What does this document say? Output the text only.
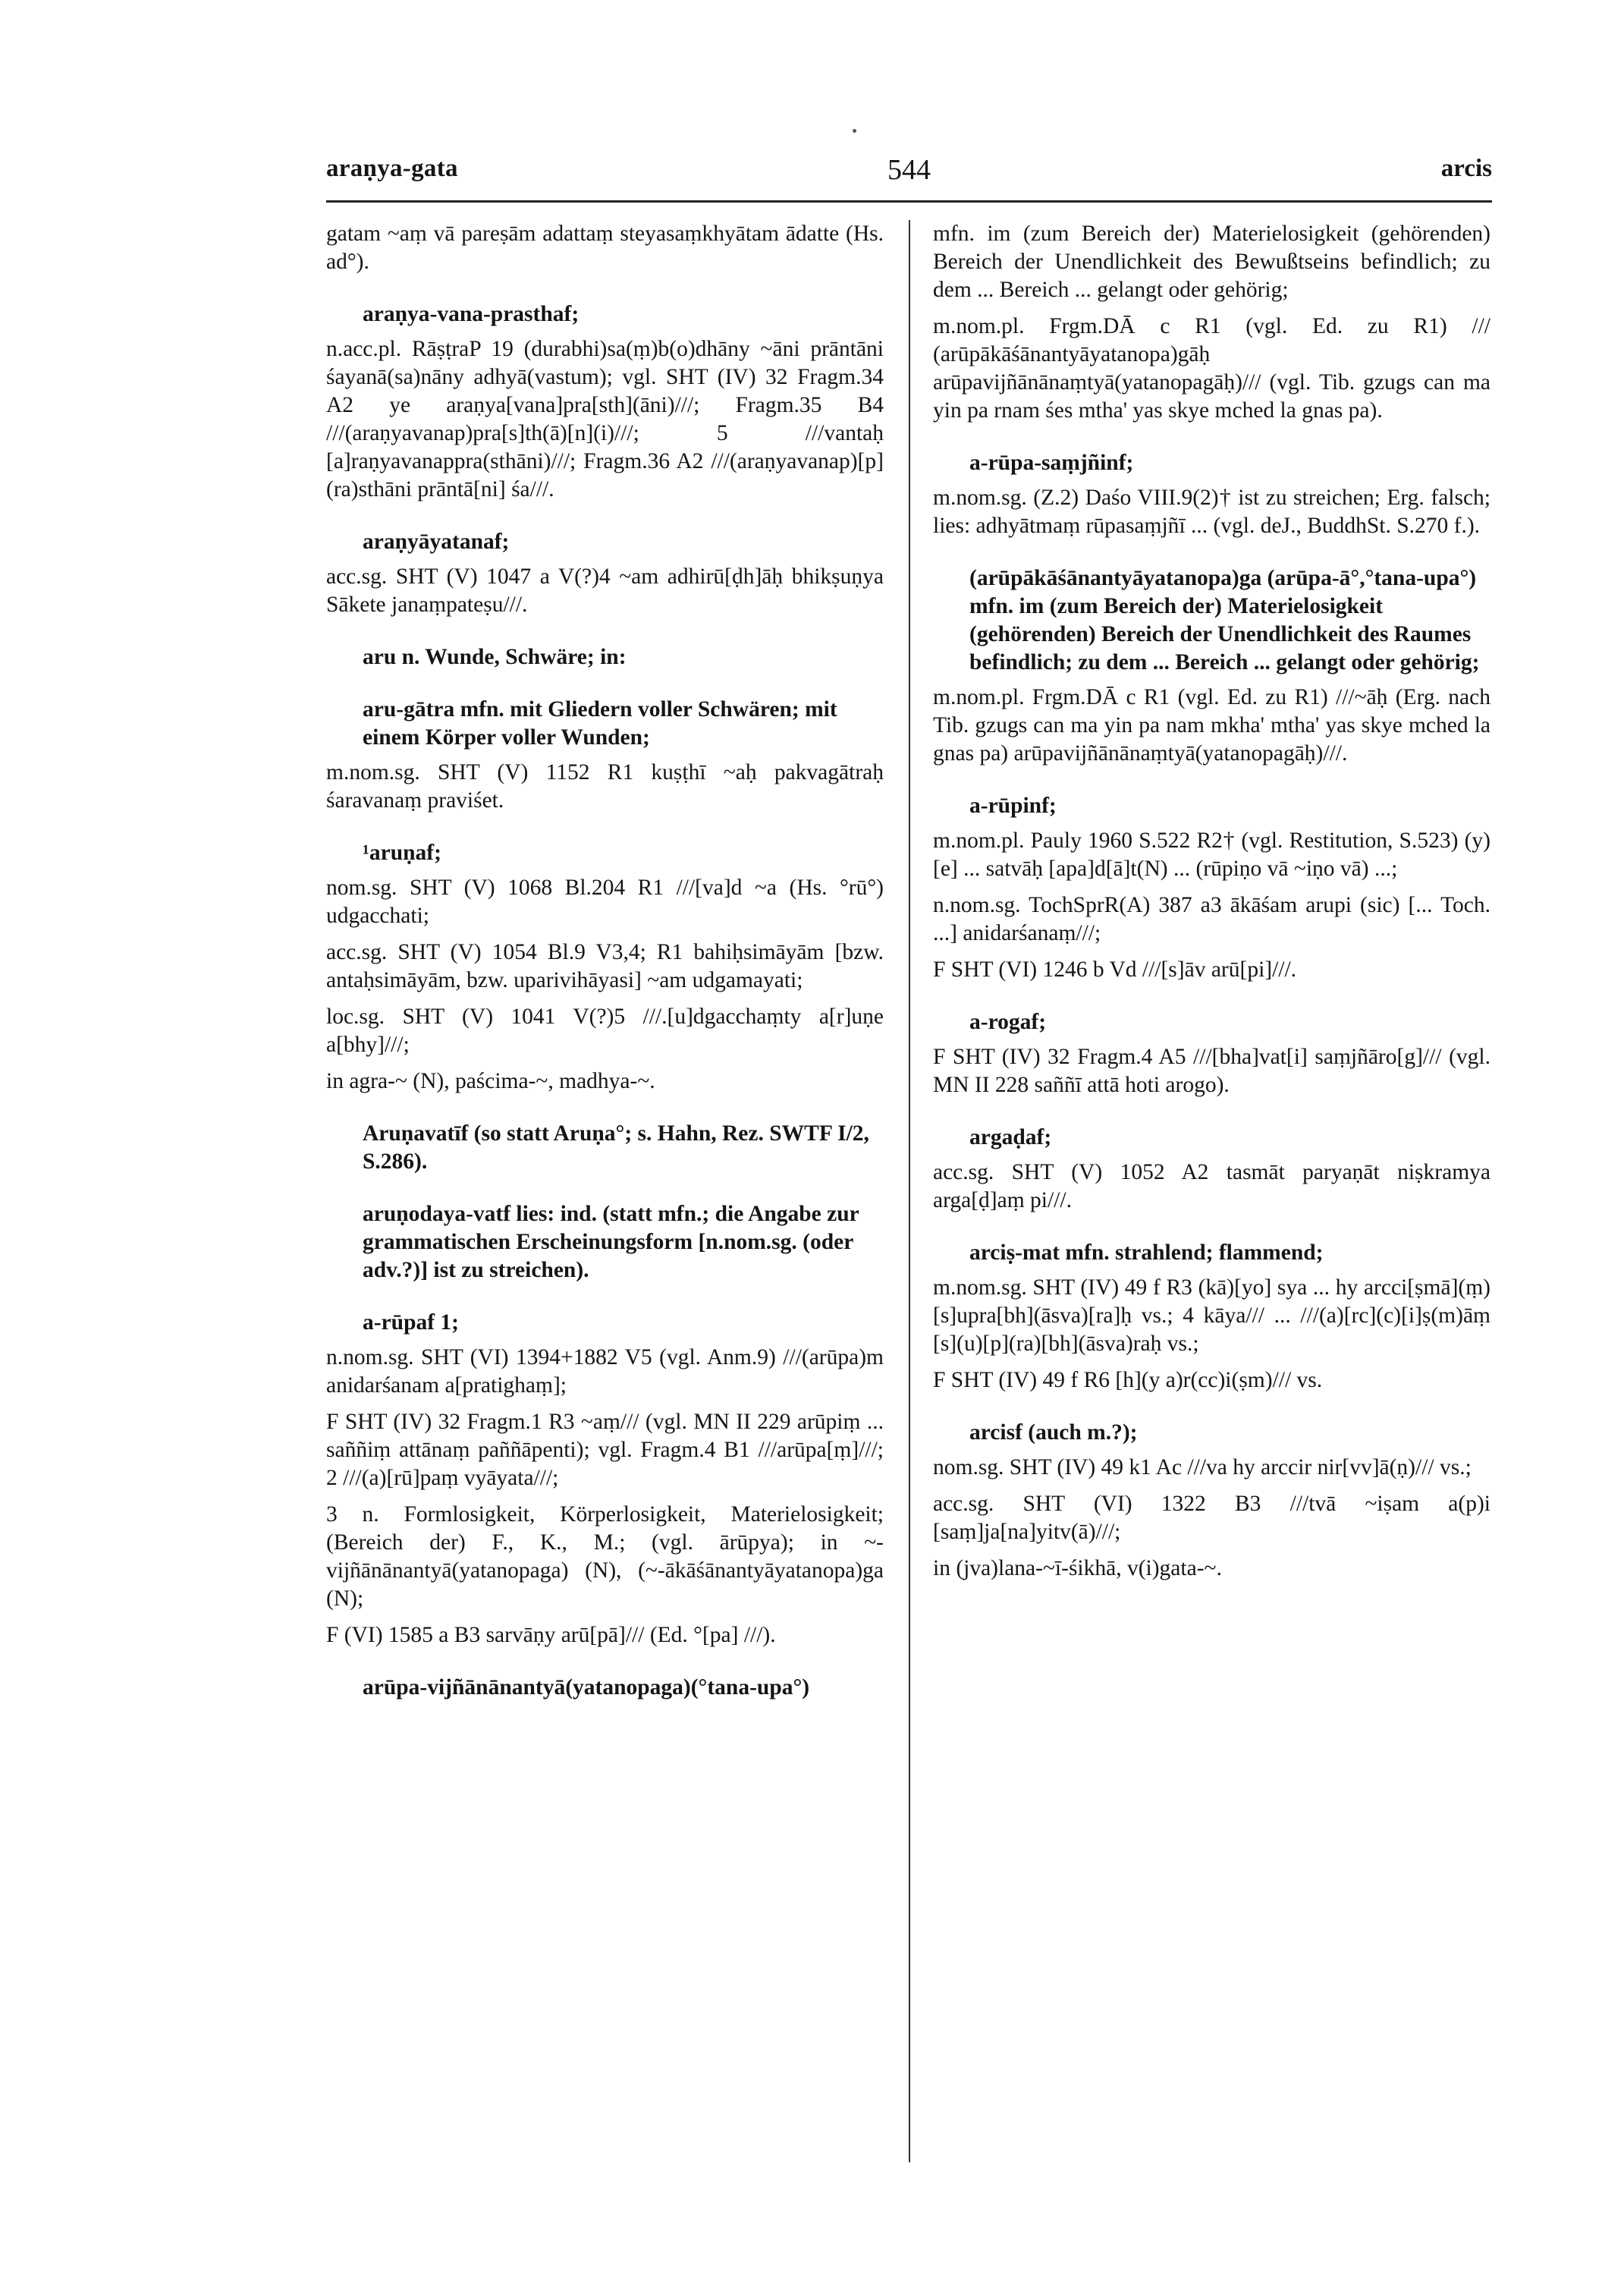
araṇya-gata	544	arcis

gatam ~aṃ vā pareṣām adattaṃ steyasaṃkhyātam ādatte (Hs. ad°).

araṇya-vana-prasthaf;

n.acc.pl. RāṣṭraP 19 (durabhi)sa(ṃ)b(o)dhāny ~āni prāntāni śayanā(sa)nāny adhyā(vastum); vgl. SHT (IV) 32 Fragm.34 A2 ye araṇya[vana]pra[sth](āni)///; Fragm.35 B4 ///(araṇyavanap)pra[s]th(ā)[n](i)///; 5 ///vantaḥ [a]raṇyavanappra(sthāni)///; Fragm.36 A2 ///(araṇyavanap)[p](ra)sthāni prāntā[ni] śa///.

araṇyāyatanaf;

acc.sg. SHT (V) 1047 a V(?)4 ~am adhirū[ḍh]āḥ bhikṣuṇya Sākete janaṃpateṣu///.

aru n. Wunde, Schwäre; in:

aru-gātra mfn. mit Gliedern voller Schwären; mit einem Körper voller Wunden;

m.nom.sg. SHT (V) 1152 R1 kuṣṭhī ~aḥ pakvagātraḥ śaravanaṃ praviśet.

¹aruṇaf;

nom.sg. SHT (V) 1068 Bl.204 R1 ///[va]d ~a (Hs. °rū°) udgacchati;

acc.sg. SHT (V) 1054 Bl.9 V3,4; R1 bahiḥsimāyām [bzw. antaḥsimāyām, bzw. uparivihāyasi] ~am udgamayati;

loc.sg. SHT (V) 1041 V(?)5 ///.[u]dgacchaṃty a[r]uṇe a[bhy]///;

in agra-~ (N), paścima-~, madhya-~.

Aruṇavatīf (so statt Aruṇa°; s. Hahn, Rez. SWTF I/2, S.286).

aruṇodaya-vatf lies: ind. (statt mfn.; die Angabe zur grammatischen Erscheinungsform [n.nom.sg. (oder adv.?)] ist zu streichen).

a-rūpaf 1;

n.nom.sg. SHT (VI) 1394+1882 V5 (vgl. Anm.9) ///(arūpa)m anidarśanam a[pratighaṃ];

F SHT (IV) 32 Fragm.1 R3 ~aṃ/// (vgl. MN II 229 arūpiṃ ... saññiṃ attānaṃ paññāpenti); vgl. Fragm.4 B1 ///arūpa[ṃ]///; 2 ///(a)[rū]paṃ vyāyata///;

3 n. Formlosigkeit, Körperlosigkeit, Materielosigkeit; (Bereich der) F., K., M.; (vgl. ārūpya); in ~-vijñānānantyā(yatanopaga) (N), (~-ākāśānantyāyatanopa)ga (N);

F (VI) 1585 a B3 sarvāṇy arū[pā]/// (Ed. °[pa] ///).

arūpa-vijñānānantyā(yatanopaga)(°tana-upa°)

mfn. im (zum Bereich der) Materielosigkeit (gehörenden) Bereich der Unendlichkeit des Bewußtseins befindlich; zu dem ... Bereich ... gelangt oder gehörig;

m.nom.pl. Frgm.DĀ c R1 (vgl. Ed. zu R1) /// (arūpākāśānantyāyatanopa)gāḥ arūpavijñānānaṃtyā(yatanopagāḥ)/// (vgl. Tib. gzugs can ma yin pa rnam śes mtha' yas skye mched la gnas pa).

a-rūpa-saṃjñinf;

m.nom.sg. (Z.2) Daśo VIII.9(2)† ist zu streichen; Erg. falsch; lies: adhyātmaṃ rūpasaṃjñī ... (vgl. deJ., BuddhSt. S.270 f.).

(arūpākāśānantyāyatanopa)ga (arūpa-ā°,°tana-upa°) mfn. im (zum Bereich der) Materielosigkeit (gehörenden) Bereich der Unendlichkeit des Raumes befindlich; zu dem ... Bereich ... gelangt oder gehörig;

m.nom.pl. Frgm.DĀ c R1 (vgl. Ed. zu R1) ///~āḥ (Erg. nach Tib. gzugs can ma yin pa nam mkha' mtha' yas skye mched la gnas pa) arūpavijñānānaṃtyā(yatanopagāḥ)///.

a-rūpinf;

m.nom.pl. Pauly 1960 S.522 R2† (vgl. Restitution, S.523) (y)[e] ... satvāḥ [apa]d[ā]t(N) ... (rūpiṇo vā ~iṇo vā) ...;

n.nom.sg. TochSprR(A) 387 a3 ākāśam arupi (sic) [... Toch. ...] anidarśanaṃ///;

F SHT (VI) 1246 b Vd ///[s]āv arū[pi]///.

a-rogaf;

F SHT (IV) 32 Fragm.4 A5 ///[bha]vat[i] saṃjñāro[g]/// (vgl. MN II 228 saññī attā hoti arogo).

argaḍaf;

acc.sg. SHT (V) 1052 A2 tasmāt paryaṇāt niṣkramya arga[ḍ]aṃ pi///.

arciṣ-mat mfn. strahlend; flammend;

m.nom.sg. SHT (IV) 49 f R3 (kā)[yo] sya ... hy arcci[ṣmā](ṃ) [s]upra[bh](āsva)[ra]ḥ vs.; 4 kāya/// ... ///(a)[rc](c)[i]ṣ(m)āṃ [s](u)[p](ra)[bh](āsva)raḥ vs.;

F SHT (IV) 49 f R6 [h](y a)r(cc)i(ṣm)/// vs.

arcisf (auch m.?);

nom.sg. SHT (IV) 49 k1 Ac ///va hy arccir nir[vv]ā(ṇ)/// vs.;

acc.sg. SHT (VI) 1322 B3 ///tvā ~iṣam a(p)i [saṃ]ja[na]yitv(ā)///;

in (jva)lana-~ī-śikhā, v(i)gata-~.
